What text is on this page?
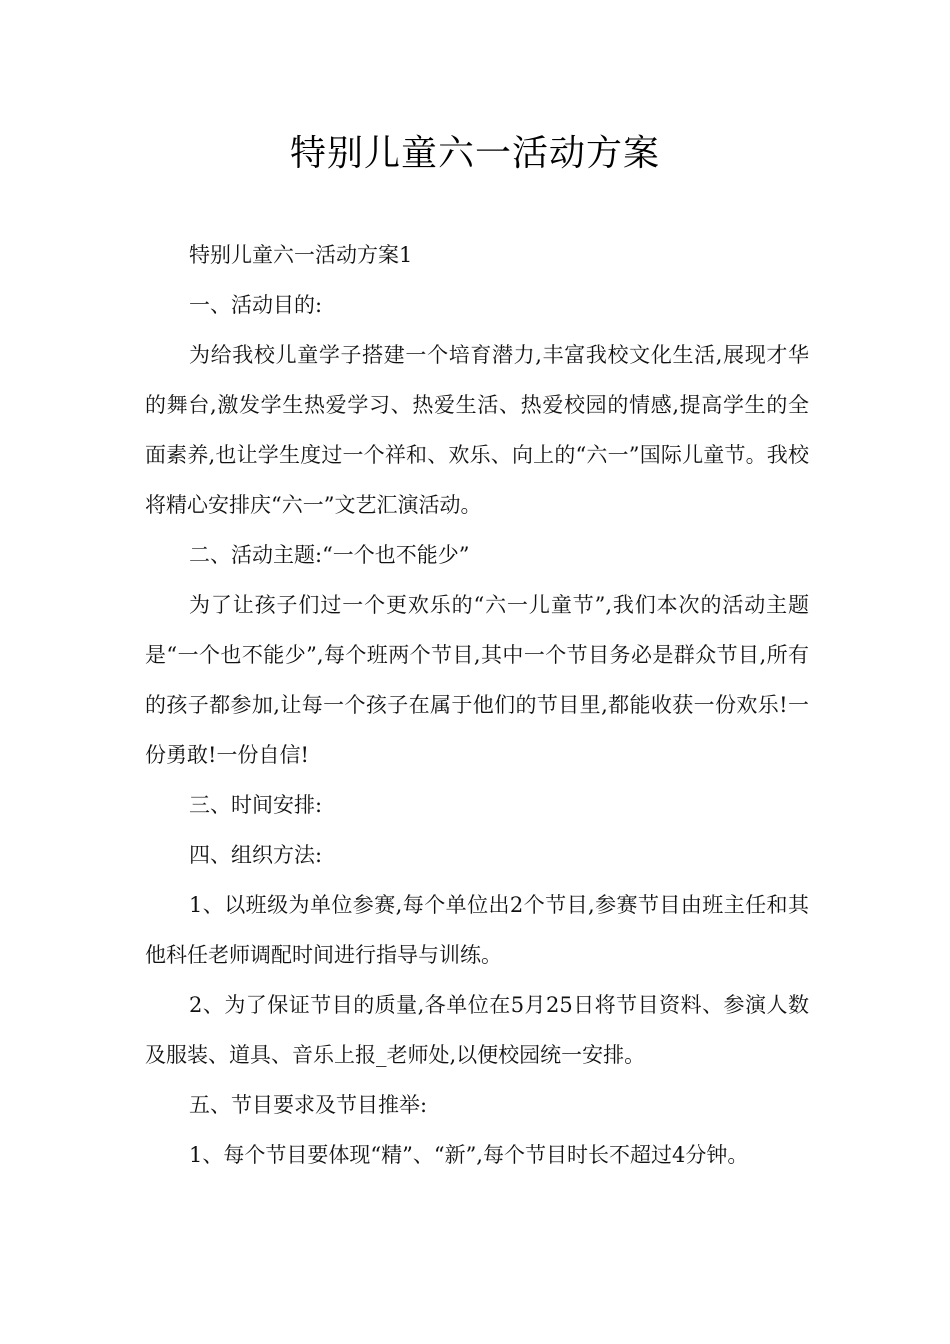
特别儿童六一活动方案

特别儿童六一活动方案1

一、活动目的:

为给我校儿童学子搭建一个培育潜力,丰富我校文化生活,展现才华的舞台,激发学生热爱学习、热爱生活、热爱校园的情感,提高学生的全面素养,也让学生度过一个祥和、欢乐、向上的“六一”国际儿童节。我校将精心安排庆“六一”文艺汇演活动。

二、活动主题:“一个也不能少”

为了让孩子们过一个更欢乐的“六一儿童节”,我们本次的活动主题是“一个也不能少”,每个班两个节目,其中一个节目务必是群众节目,所有的孩子都参加,让每一个孩子在属于他们的节目里,都能收获一份欢乐!一份勇敢!一份自信!

三、时间安排:

四、组织方法:

1、以班级为单位参赛,每个单位出2个节目,参赛节目由班主任和其他科任老师调配时间进行指导与训练。

2、为了保证节目的质量,各单位在5月25日将节目资料、参演人数及服装、道具、音乐上报_老师处,以便校园统一安排。

五、节目要求及节目推举:

1、每个节目要体现“精”、“新”,每个节目时长不超过4分钟。
